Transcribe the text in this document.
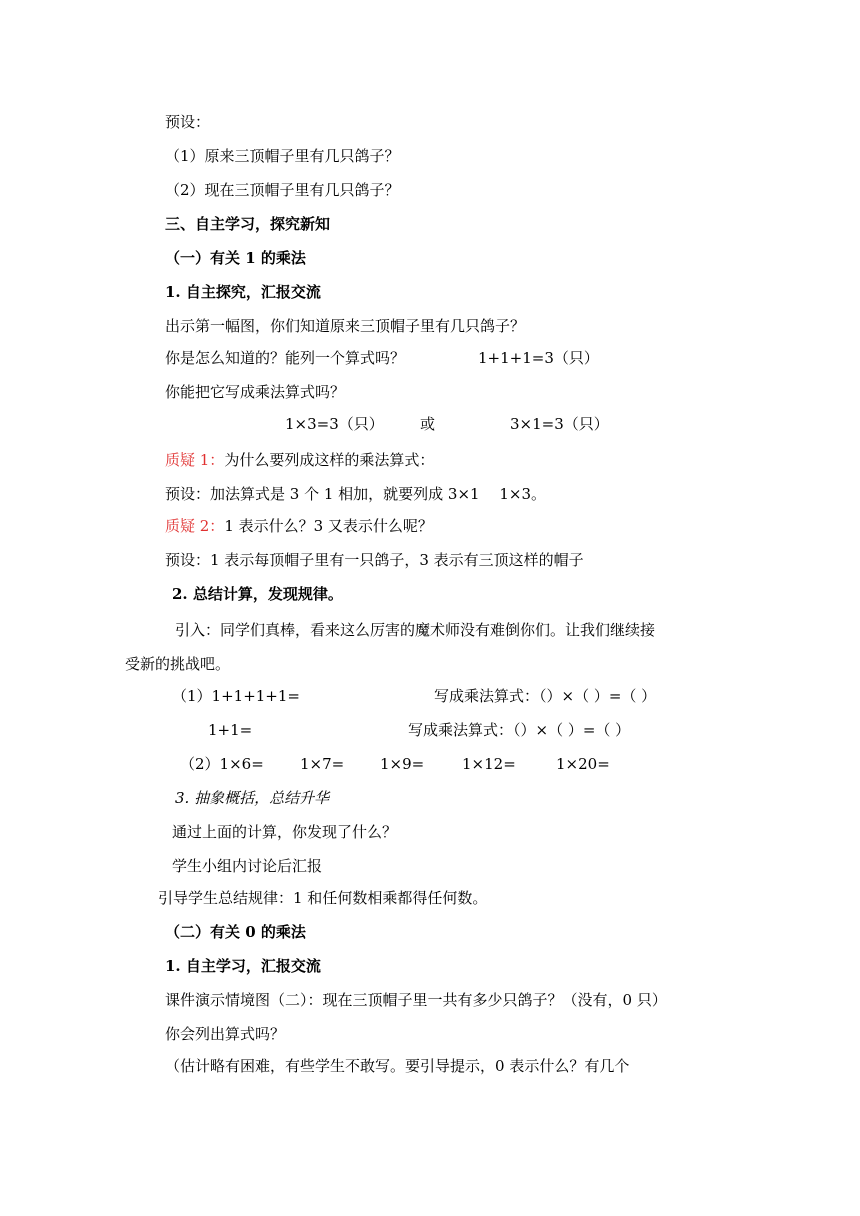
预设：
（1）原来三顶帽子里有几只鸽子？
（2）现在三顶帽子里有几只鸽子？
三、自主学习，探究新知
（一）有关 1 的乘法
1. 自主探究，汇报交流
出示第一幅图，你们知道原来三顶帽子里有几只鸽子？
你是怎么知道的？能列一个算式吗？	1+1+1=3（只）
你能把它写成乘法算式吗？
1×3=3（只） 或	3×1=3（只）
质疑 1：为什么要列成这样的乘法算式：
预设：加法算式是 3 个 1 相加，就要列成 3×1　 1×3。
质疑 2：1 表示什么？3 又表示什么呢？
预设：1 表示每顶帽子里有一只鸽子，3 表示有三顶这样的帽子
2. 总结计算，发现规律。
引入：同学们真棒，看来这么厉害的魔术师没有难倒你们。让我们继续接
受新的挑战吧。
（1）1+1+1+1=	写成乘法算式：（）×（ ）=（ ）
1+1=	写成乘法算式：（）×（ ）=（ ）
（2）1×6= 1×7= 1×9=	1×12=	1×20=
3. 抽象概括，总结升华
通过上面的计算，你发现了什么？
学生小组内讨论后汇报
引导学生总结规律：1 和任何数相乘都得任何数。
（二）有关 0 的乘法
1. 自主学习，汇报交流
课件演示情境图（二）：现在三顶帽子里一共有多少只鸽子？（没有，0 只）
你会列出算式吗？
（估计略有困难，有些学生不敢写。要引导提示，0 表示什么？有几个
